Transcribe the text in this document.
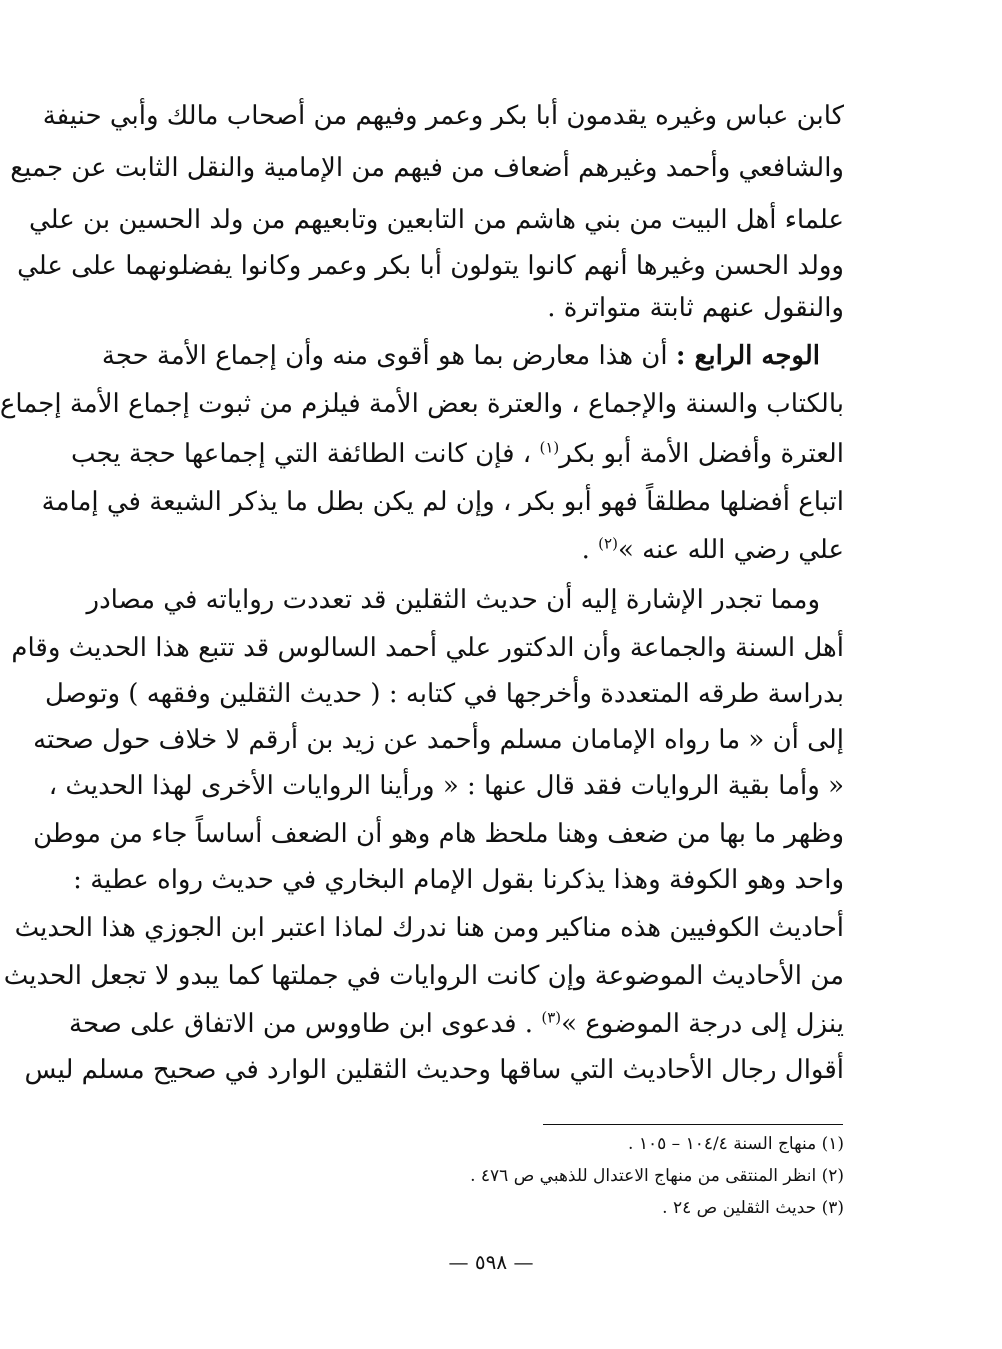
كابن عباس وغيره يقدمون أبا بكر وعمر وفيهم من أصحاب مالك وأبي حنيفة
والشافعي وأحمد وغيرهم أضعاف من فيهم من الإمامية والنقل الثابت عن جميع
علماء أهل البيت من بني هاشم من التابعين وتابعيهم من ولد الحسين بن علي
وولد الحسن وغيرها أنهم كانوا يتولون أبا بكر وعمر وكانوا يفضلونهما على علي
والنقول عنهم ثابتة متواترة .
الوجه الرابع : أن هذا معارض بما هو أقوى منه وأن إجماع الأمة حجة
بالكتاب والسنة والإجماع ، والعترة بعض الأمة فيلزم من ثبوت إجماع الأمة إجماع
العترة وأفضل الأمة أبو بكر$^{(١)}$ ، فإن كانت الطائفة التي إجماعها حجة يجب
اتباع أفضلها مطلقاً فهو أبو بكر ، وإن لم يكن بطل ما يذكر الشيعة في إمامة
علي رضي الله عنه »$^{(٢)}$ .
ومما تجدر الإشارة إليه أن حديث الثقلين قد تعددت رواياته في مصادر
أهل السنة والجماعة وأن الدكتور علي أحمد السالوس قد تتبع هذا الحديث وقام
بدراسة طرقه المتعددة وأخرجها في كتابه : ( حديث الثقلين وفقهه ) وتوصل
إلى أن « ما رواه الإمامان مسلم وأحمد عن زيد بن أرقم لا خلاف حول صحته
« وأما بقية الروايات فقد قال عنها : « ورأينا الروايات الأخرى لهذا الحديث ،
وظهر ما بها من ضعف وهنا ملحظ هام وهو أن الضعف أساساً جاء من موطن
واحد وهو الكوفة وهذا يذكرنا بقول الإمام البخاري في حديث رواه عطية :
أحاديث الكوفيين هذه مناكير ومن هنا ندرك لماذا اعتبر ابن الجوزي هذا الحديث
من الأحاديث الموضوعة وإن كانت الروايات في جملتها كما يبدو لا تجعل الحديث
ينزل إلى درجة الموضوع »$^{(٣)}$ . فدعوى ابن طاووس من الاتفاق على صحة
أقوال رجال الأحاديث التي ساقها وحديث الثقلين الوارد في صحيح مسلم ليس
(١) منهاج السنة ١٠٤/٤ – ١٠٥ .
(٢) انظر المنتقى من منهاج الاعتدال للذهبي ص ٤٧٦ .
(٣) حديث الثقلين ص ٢٤ .
— ٥٩٨ —
